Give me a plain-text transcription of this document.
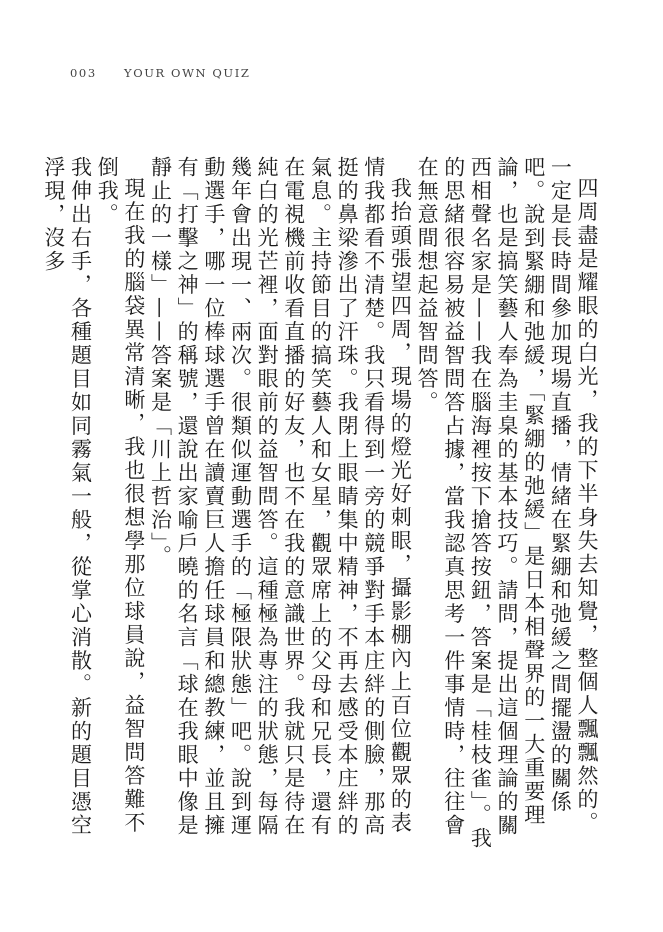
003 YOUR OWN QUIZ

四周盡是耀眼的白光，我的下半身失去知覺，整個人飄飄然的。一定是長時間參加現場直播，情緒在緊綳和弛緩之間擺盪的關係吧。說到緊綳和弛緩，「緊綳的弛緩」是日本相聲界的一大重要理論，也是搞笑藝人奉為圭臬的基本技巧。請問，提出這個理論的關西相聲名家是——我在腦海裡按下搶答按鈕，答案是「桂枝雀」。我的思緒很容易被益智問答占據，當我認真思考一件事情時，往往會在無意間想起益智問答。

我抬頭張望四周，現場的燈光好刺眼，攝影棚內上百位觀眾的表情我都看不清楚。我只看得到一旁的競爭對手本庄絆的側臉，那高挺的鼻梁滲出了汗珠。我閉上眼睛集中精神，不再去感受本庄絆的氣息。主持節目的搞笑藝人和女星，觀眾席上的父母和兄長，還有在電視機前收看直播的好友，也不在我的意識世界。我就只是待在純白的光芒裡，面對眼前的益智問答。這種極為專注的狀態，每隔幾年會出現一、兩次。很類似運動選手的「極限狀態」吧。說到運動選手，哪一位棒球選手曾在讀賣巨人擔任球員和總教練，並且擁有「打擊之神」的稱號，還說出家喻戶曉的名言「球在我眼中像是靜止的一樣」——答案是「川上哲治」。

現在我的腦袋異常清晰，我也很想學那位球員說，益智問答難不倒我。

我伸出右手，各種題目如同霧氣一般，從掌心消散。新的題目憑空浮現，沒多
